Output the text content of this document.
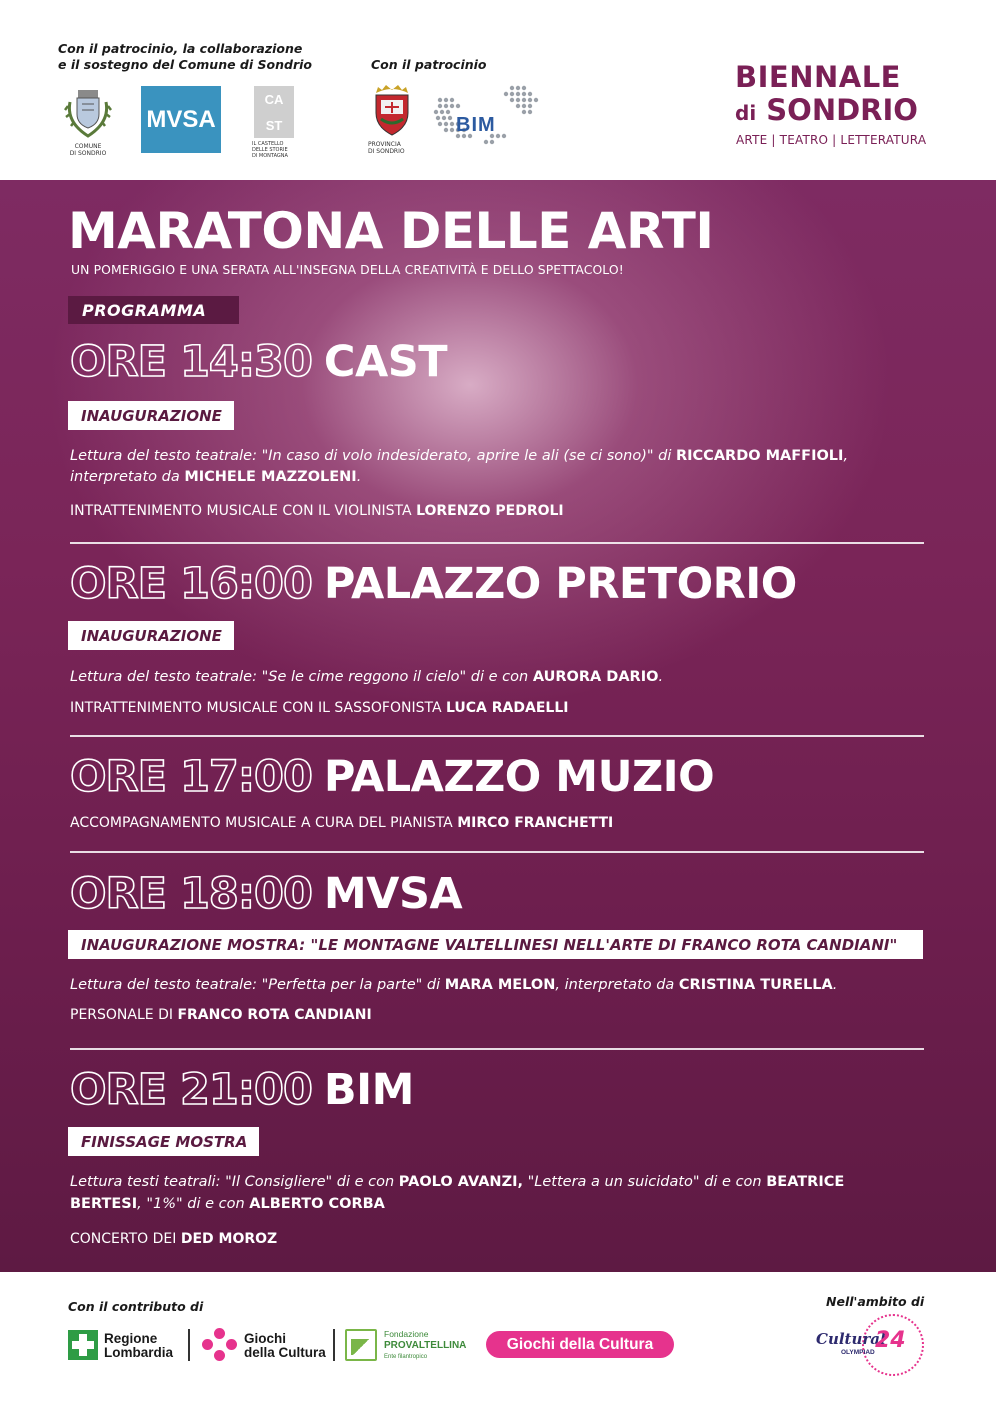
Con il patrocinio, la collaborazione
e il sostegno del Comune di Sondrio	Con il patrocinio
COMUNE
DI SONDRIO
MVSA
CA
ST
IL CASTELLO
DELLE STORIE
DI MONTAGNA
PROVINCIA
DI SONDRIO
BIM
BIENNALE
di SONDRIO
ARTE | TEATRO | LETTERATURA
MARATONA DELLE ARTI
UN POMERIGGIO E UNA SERATA ALL'INSEGNA DELLA CREATIVITÀ E DELLO SPETTACOLO!
PROGRAMMA
ORE 14:30 CAST
INAUGURAZIONE
Lettura del testo teatrale: "In caso di volo indesiderato, aprire le ali (se ci sono)" di RICCARDO MAFFIOLI,
interpretato da MICHELE MAZZOLENI.
INTRATTENIMENTO MUSICALE CON IL VIOLINISTA LORENZO PEDROLI
ORE 16:00 PALAZZO PRETORIO
INAUGURAZIONE
Lettura del testo teatrale: "Se le cime reggono il cielo" di e con AURORA DARIO.
INTRATTENIMENTO MUSICALE CON IL SASSOFONISTA LUCA RADAELLI
ORE 17:00 PALAZZO MUZIO
ACCOMPAGNAMENTO MUSICALE A CURA DEL PIANISTA MIRCO FRANCHETTI
ORE 18:00 MVSA
INAUGURAZIONE MOSTRA: "LE MONTAGNE VALTELLINESI NELL'ARTE DI FRANCO ROTA CANDIANI"
Lettura del testo teatrale: "Perfetta per la parte" di MARA MELON, interpretato da CRISTINA TURELLA.
PERSONALE DI FRANCO ROTA CANDIANI
ORE 21:00 BIM
FINISSAGE MOSTRA
Lettura testi teatrali: "Il Consigliere" di e con PAOLO AVANZI, "Lettera a un suicidato" di e con BEATRICE
BERTESI, "1%" di e con ALBERTO CORBA
CONCERTO DEI DED MOROZ
Con il contributo di
Regione
Lombardia
Giochi
della Cultura
Fondazione
PROVALTELLINA
Ente filantropico
Giochi della Cultura
Nell'ambito di
Cultural
OLYMPIAD 24
